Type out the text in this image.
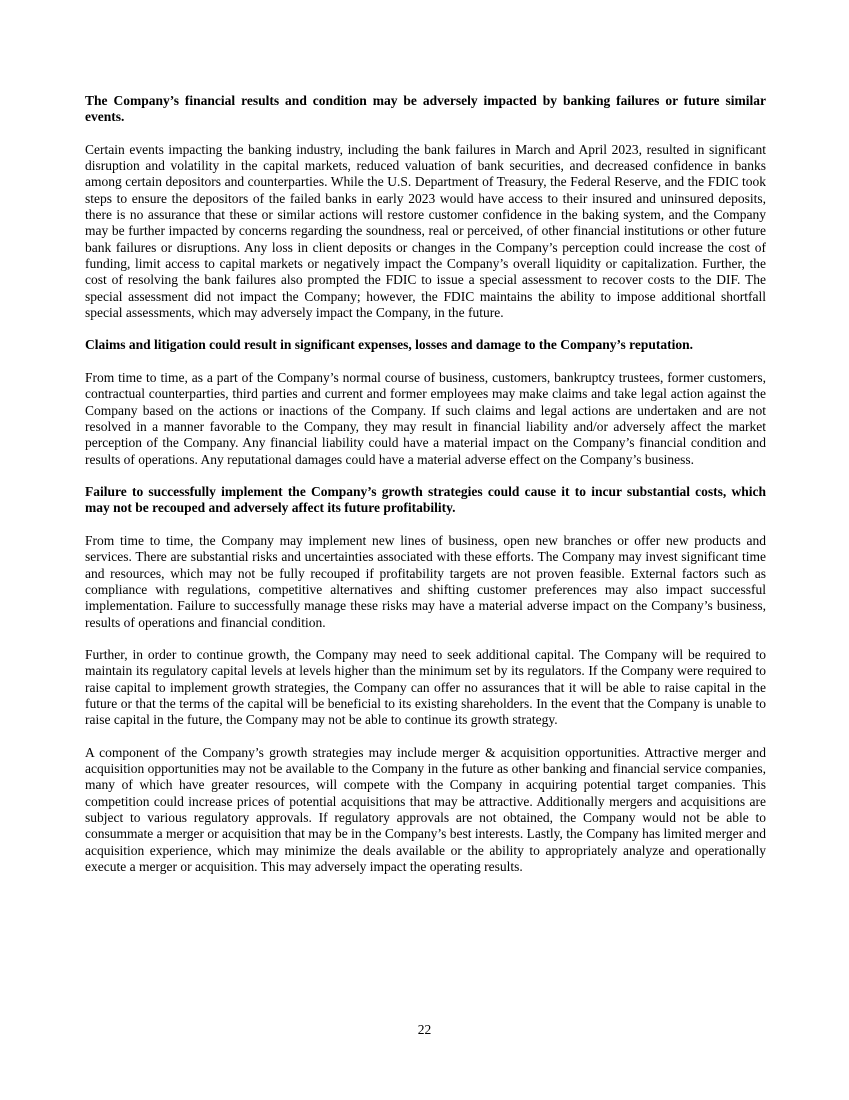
The Company’s financial results and condition may be adversely impacted by banking failures or future similar events.
Certain events impacting the banking industry, including the bank failures in March and April 2023, resulted in significant disruption and volatility in the capital markets, reduced valuation of bank securities, and decreased confidence in banks among certain depositors and counterparties. While the U.S. Department of Treasury, the Federal Reserve, and the FDIC took steps to ensure the depositors of the failed banks in early 2023 would have access to their insured and uninsured deposits, there is no assurance that these or similar actions will restore customer confidence in the baking system, and the Company may be further impacted by concerns regarding the soundness, real or perceived, of other financial institutions or other future bank failures or disruptions. Any loss in client deposits or changes in the Company’s perception could increase the cost of funding, limit access to capital markets or negatively impact the Company’s overall liquidity or capitalization. Further, the cost of resolving the bank failures also prompted the FDIC to issue a special assessment to recover costs to the DIF. The special assessment did not impact the Company; however, the FDIC maintains the ability to impose additional shortfall special assessments, which may adversely impact the Company, in the future.
Claims and litigation could result in significant expenses, losses and damage to the Company’s reputation.
From time to time, as a part of the Company’s normal course of business, customers, bankruptcy trustees, former customers, contractual counterparties, third parties and current and former employees may make claims and take legal action against the Company based on the actions or inactions of the Company. If such claims and legal actions are undertaken and are not resolved in a manner favorable to the Company, they may result in financial liability and/or adversely affect the market perception of the Company. Any financial liability could have a material impact on the Company’s financial condition and results of operations. Any reputational damages could have a material adverse effect on the Company’s business.
Failure to successfully implement the Company’s growth strategies could cause it to incur substantial costs, which may not be recouped and adversely affect its future profitability.
From time to time, the Company may implement new lines of business, open new branches or offer new products and services. There are substantial risks and uncertainties associated with these efforts. The Company may invest significant time and resources, which may not be fully recouped if profitability targets are not proven feasible. External factors such as compliance with regulations, competitive alternatives and shifting customer preferences may also impact successful implementation. Failure to successfully manage these risks may have a material adverse impact on the Company’s business, results of operations and financial condition.
Further, in order to continue growth, the Company may need to seek additional capital. The Company will be required to maintain its regulatory capital levels at levels higher than the minimum set by its regulators. If the Company were required to raise capital to implement growth strategies, the Company can offer no assurances that it will be able to raise capital in the future or that the terms of the capital will be beneficial to its existing shareholders. In the event that the Company is unable to raise capital in the future, the Company may not be able to continue its growth strategy.
A component of the Company’s growth strategies may include merger & acquisition opportunities. Attractive merger and acquisition opportunities may not be available to the Company in the future as other banking and financial service companies, many of which have greater resources, will compete with the Company in acquiring potential target companies. This competition could increase prices of potential acquisitions that may be attractive. Additionally mergers and acquisitions are subject to various regulatory approvals. If regulatory approvals are not obtained, the Company would not be able to consummate a merger or acquisition that may be in the Company’s best interests. Lastly, the Company has limited merger and acquisition experience, which may minimize the deals available or the ability to appropriately analyze and operationally execute a merger or acquisition. This may adversely impact the operating results.
22
